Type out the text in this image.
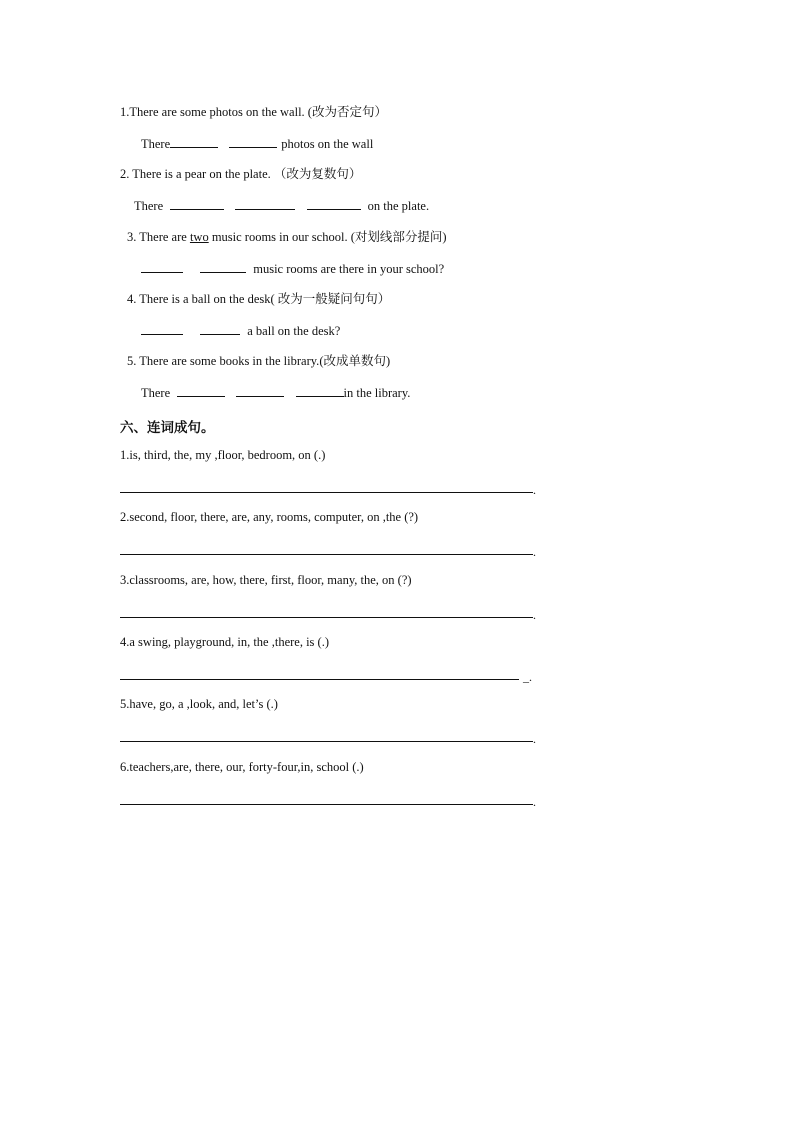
1.There are some photos on the wall. (改为否定句）
There	photos on the wall
2. There is a pear on the plate. （改为复数句）
There	on the plate.
3. There are two music rooms in our school. (对划线部分提问)
music rooms are there in your school?
4. There is a ball on the desk( 改为一般疑问句句）
a ball on the desk?
5. There are some books in the library.(改成单数句)
There	in the library.
六、连词成句。
1.is, third, the, my ,floor, bedroom, on (.)
.
2.second, floor, there, are, any, rooms, computer, on ,the (?)
.
3.classrooms, are, how, there, first, floor, many, the, on (?)
.
4.a swing, playground, in, the ,there, is (.)
_.
5.have, go, a ,look, and, let’s (.)
.
6.teachers,are, there, our, forty-four,in, school (.)
.
